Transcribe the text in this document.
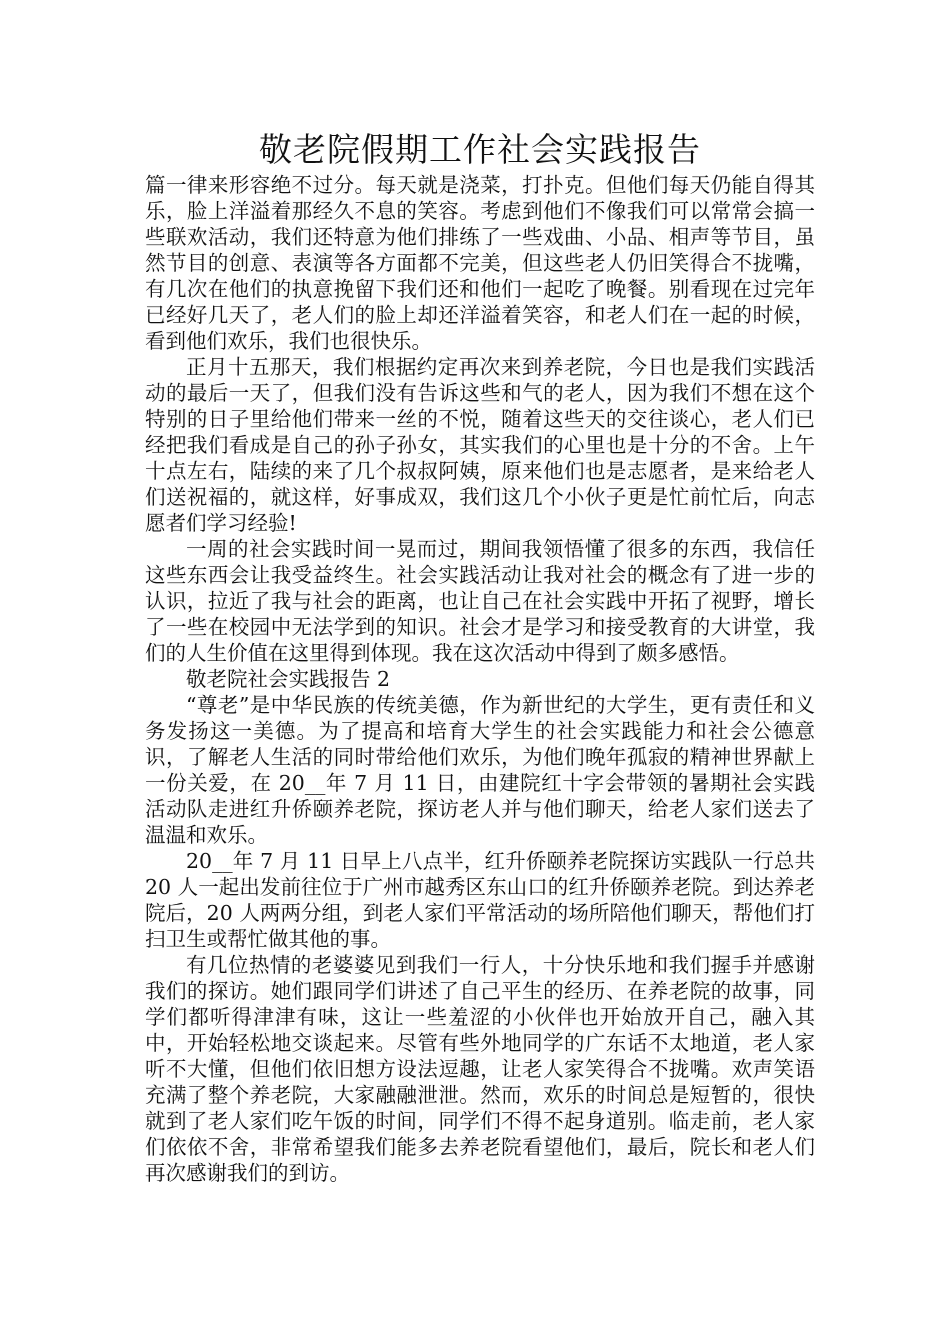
敬老院假期工作社会实践报告

篇一律来形容绝不过分。每天就是浇菜，打扑克。但他们每天仍能自得其乐，脸上洋溢着那经久不息的笑容。考虑到他们不像我们可以常常会搞一些联欢活动，我们还特意为他们排练了一些戏曲、小品、相声等节目，虽然节目的创意、表演等各方面都不完美，但这些老人仍旧笑得合不拢嘴，有几次在他们的执意挽留下我们还和他们一起吃了晚餐。别看现在过完年已经好几天了，老人们的脸上却还洋溢着笑容，和老人们在一起的时候，看到他们欢乐，我们也很快乐。

正月十五那天，我们根据约定再次来到养老院，今日也是我们实践活动的最后一天了，但我们没有告诉这些和气的老人，因为我们不想在这个特别的日子里给他们带来一丝的不悦，随着这些天的交往谈心，老人们已经把我们看成是自己的孙子孙女，其实我们的心里也是十分的不舍。上午十点左右，陆续的来了几个叔叔阿姨，原来他们也是志愿者，是来给老人们送祝福的，就这样，好事成双，我们这几个小伙子更是忙前忙后，向志愿者们学习经验!

一周的社会实践时间一晃而过，期间我领悟懂了很多的东西，我信任这些东西会让我受益终生。社会实践活动让我对社会的概念有了进一步的认识，拉近了我与社会的距离，也让自己在社会实践中开拓了视野，增长了一些在校园中无法学到的知识。社会才是学习和接受教育的大讲堂，我们的人生价值在这里得到体现。我在这次活动中得到了颇多感悟。

敬老院社会实践报告 2

“尊老”是中华民族的传统美德，作为新世纪的大学生，更有责任和义务发扬这一美德。为了提高和培育大学生的社会实践能力和社会公德意识，了解老人生活的同时带给他们欢乐，为他们晚年孤寂的精神世界献上一份关爱，在 20__年 7 月 11 日，由建院红十字会带领的暑期社会实践活动队走进红升侨颐养老院，探访老人并与他们聊天，给老人家们送去了温温和欢乐。

20__年 7 月 11 日早上八点半，红升侨颐养老院探访实践队一行总共 20 人一起出发前往位于广州市越秀区东山口的红升侨颐养老院。到达养老院后，20 人两两分组，到老人家们平常活动的场所陪他们聊天，帮他们打扫卫生或帮忙做其他的事。

有几位热情的老婆婆见到我们一行人，十分快乐地和我们握手并感谢我们的探访。她们跟同学们讲述了自己平生的经历、在养老院的故事，同学们都听得津津有味，这让一些羞涩的小伙伴也开始放开自己，融入其中，开始轻松地交谈起来。尽管有些外地同学的广东话不太地道，老人家听不大懂，但他们依旧想方设法逗趣，让老人家笑得合不拢嘴。欢声笑语充满了整个养老院，大家融融泄泄。然而，欢乐的时间总是短暂的，很快就到了老人家们吃午饭的时间，同学们不得不起身道别。临走前，老人家们依依不舍，非常希望我们能多去养老院看望他们，最后，院长和老人们再次感谢我们的到访。
